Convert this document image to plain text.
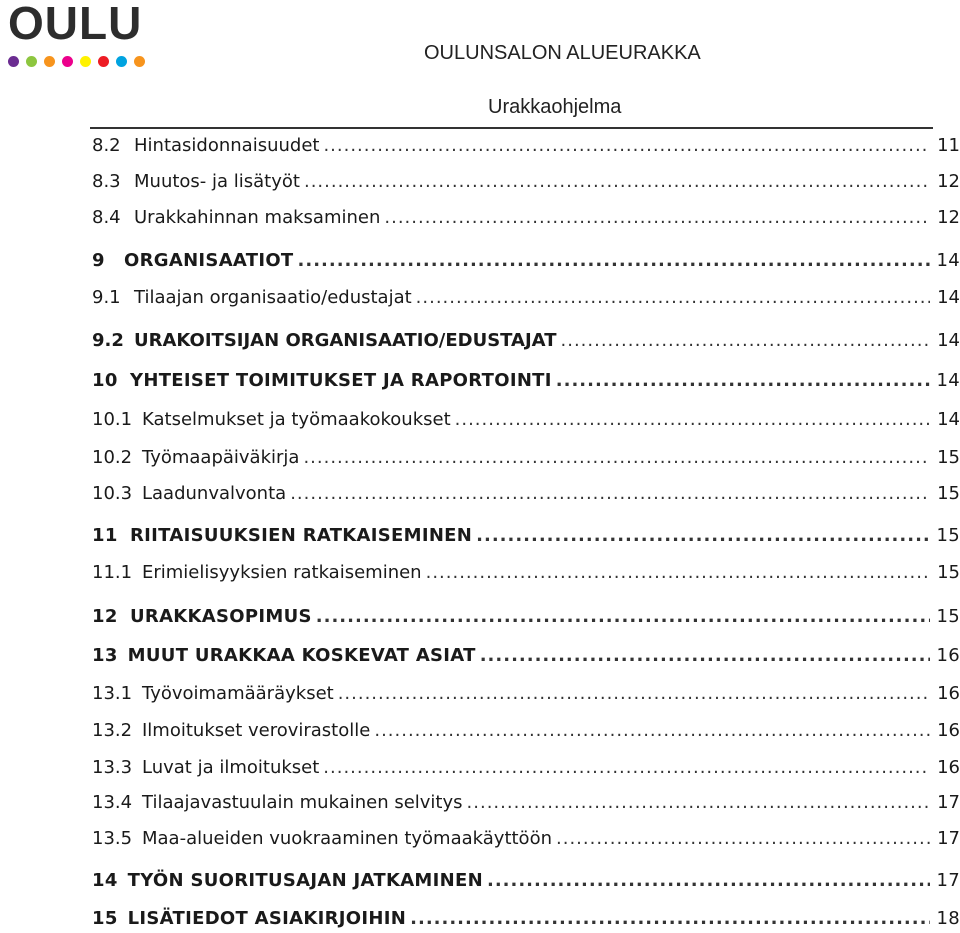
OULU
OULUNSALON ALUEURAKKA
Urakkaohjelma
8.2 Hintasidonnaisuudet .....	11
8.3 Muutos- ja lisätyöt .....	12
8.4 Urakkahinnan maksaminen .....	12
9	ORGANISAATIOT .....	14
9.1 Tilaajan organisaatio/edustajat .....	14
9.2 URAKOITSIJAN ORGANISAATIO/EDUSTAJAT .....	14
10 YHTEISET TOIMITUKSET JA RAPORTOINTI .....	14
10.1 Katselmukset ja työmaakokoukset .....	14
10.2 Työmaapäiväkirja .....	15
10.3 Laadunvalvonta .....	15
11 RIITAISUUKSIEN RATKAISEMINEN .....	15
11.1 Erimielisyyksien ratkaiseminen .....	15
12 URAKKASOPIMUS .....	15
13 MUUT URAKKAA KOSKEVAT ASIAT .....	16
13.1 Työvoimamääräykset .....	16
13.2 Ilmoitukset verovirastolle .....	16
13.3 Luvat ja ilmoitukset .....	16
13.4 Tilaajavastuulain mukainen selvitys .....	17
13.5 Maa-alueiden vuokraaminen työmaakäyttöön .....	17
14 TYÖN SUORITUSAJAN JATKAMINEN .....	17
15 LISÄTIEDOT ASIAKIRJOIHIN .....	18
